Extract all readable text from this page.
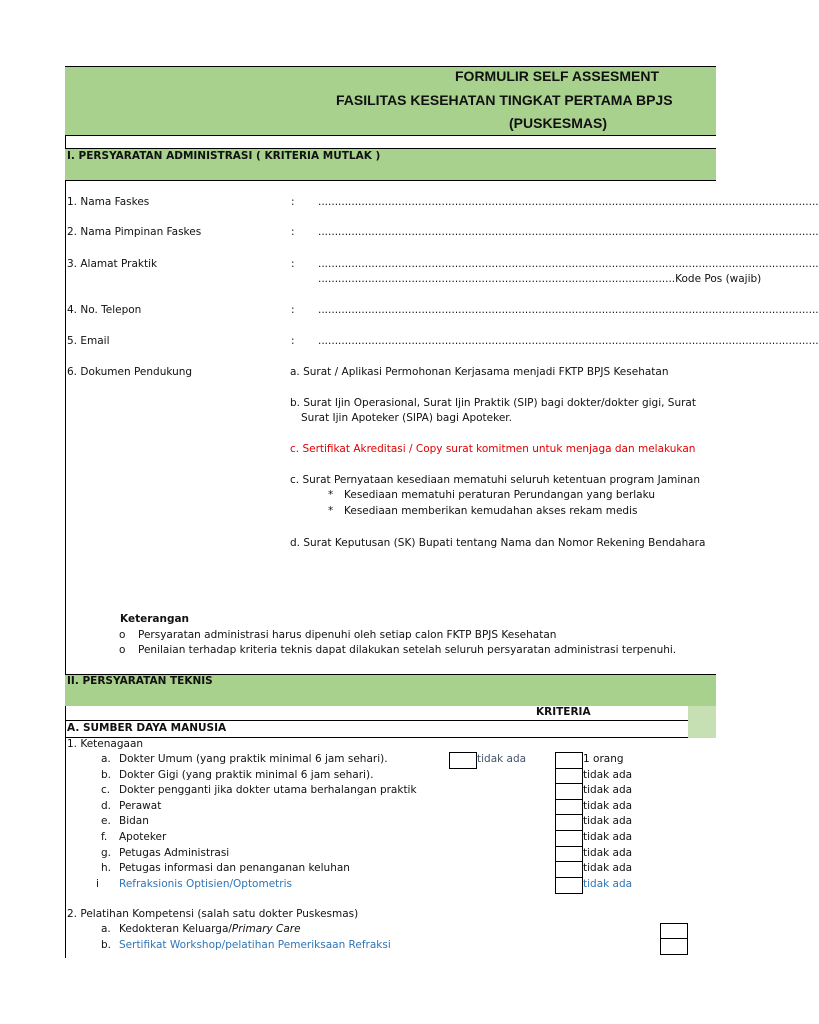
FORMULIR SELF ASSESMENT
FASILITAS KESEHATAN TINGKAT PERTAMA BPJS
(PUSKESMAS)
I. PERSYARATAN ADMINISTRASI ( KRITERIA MUTLAK )
1. Nama Faskes	: ......................................................................................................................................................
2. Nama Pimpinan Faskes	: ......................................................................................................................................................
3. Alamat Praktik	: ......................................................................................................................................................
...........................................................................................................Kode Pos (wajib)
4. No. Telepon	: ......................................................................................................................................................
5. Email	: ......................................................................................................................................................
6. Dokumen Pendukung	a. Surat / Aplikasi Permohonan Kerjasama menjadi FKTP BPJS Kesehatan
b. Surat Ijin Operasional, Surat Ijin Praktik (SIP) bagi dokter/dokter gigi, Surat
Surat Ijin Apoteker (SIPA) bagi Apoteker.
c. Sertifikat Akreditasi / Copy surat komitmen untuk menjaga dan melakukan
c. Surat Pernyataan kesediaan mematuhi seluruh ketentuan program Jaminan
* Kesediaan mematuhi peraturan Perundangan yang berlaku
* Kesediaan memberikan kemudahan akses rekam medis
d. Surat Keputusan (SK) Bupati tentang Nama dan Nomor Rekening Bendahara
Keterangan
o Persyaratan administrasi harus dipenuhi oleh setiap calon FKTP BPJS Kesehatan
o Penilaian terhadap kriteria teknis dapat dilakukan setelah seluruh persyaratan administrasi terpenuhi.
II. PERSYARATAN TEKNIS
KRITERIA
A. SUMBER DAYA MANUSIA
1. Ketenagaan
a. Dokter Umum (yang praktik minimal 6 jam sehari).	tidak ada	1 orang
b. Dokter Gigi (yang praktik minimal 6 jam sehari).	tidak ada
c. Dokter pengganti jika dokter utama berhalangan praktik	tidak ada
d. Perawat	tidak ada
e. Bidan	tidak ada
f. Apoteker	tidak ada
g. Petugas Administrasi	tidak ada
h. Petugas informasi dan penanganan keluhan	tidak ada
i Refraksionis Optisien/Optometris	tidak ada
2. Pelatihan Kompetensi (salah satu dokter Puskesmas)
a. Kedokteran Keluarga/Primary Care
b. Sertifikat Workshop/pelatihan Pemeriksaan Refraksi
